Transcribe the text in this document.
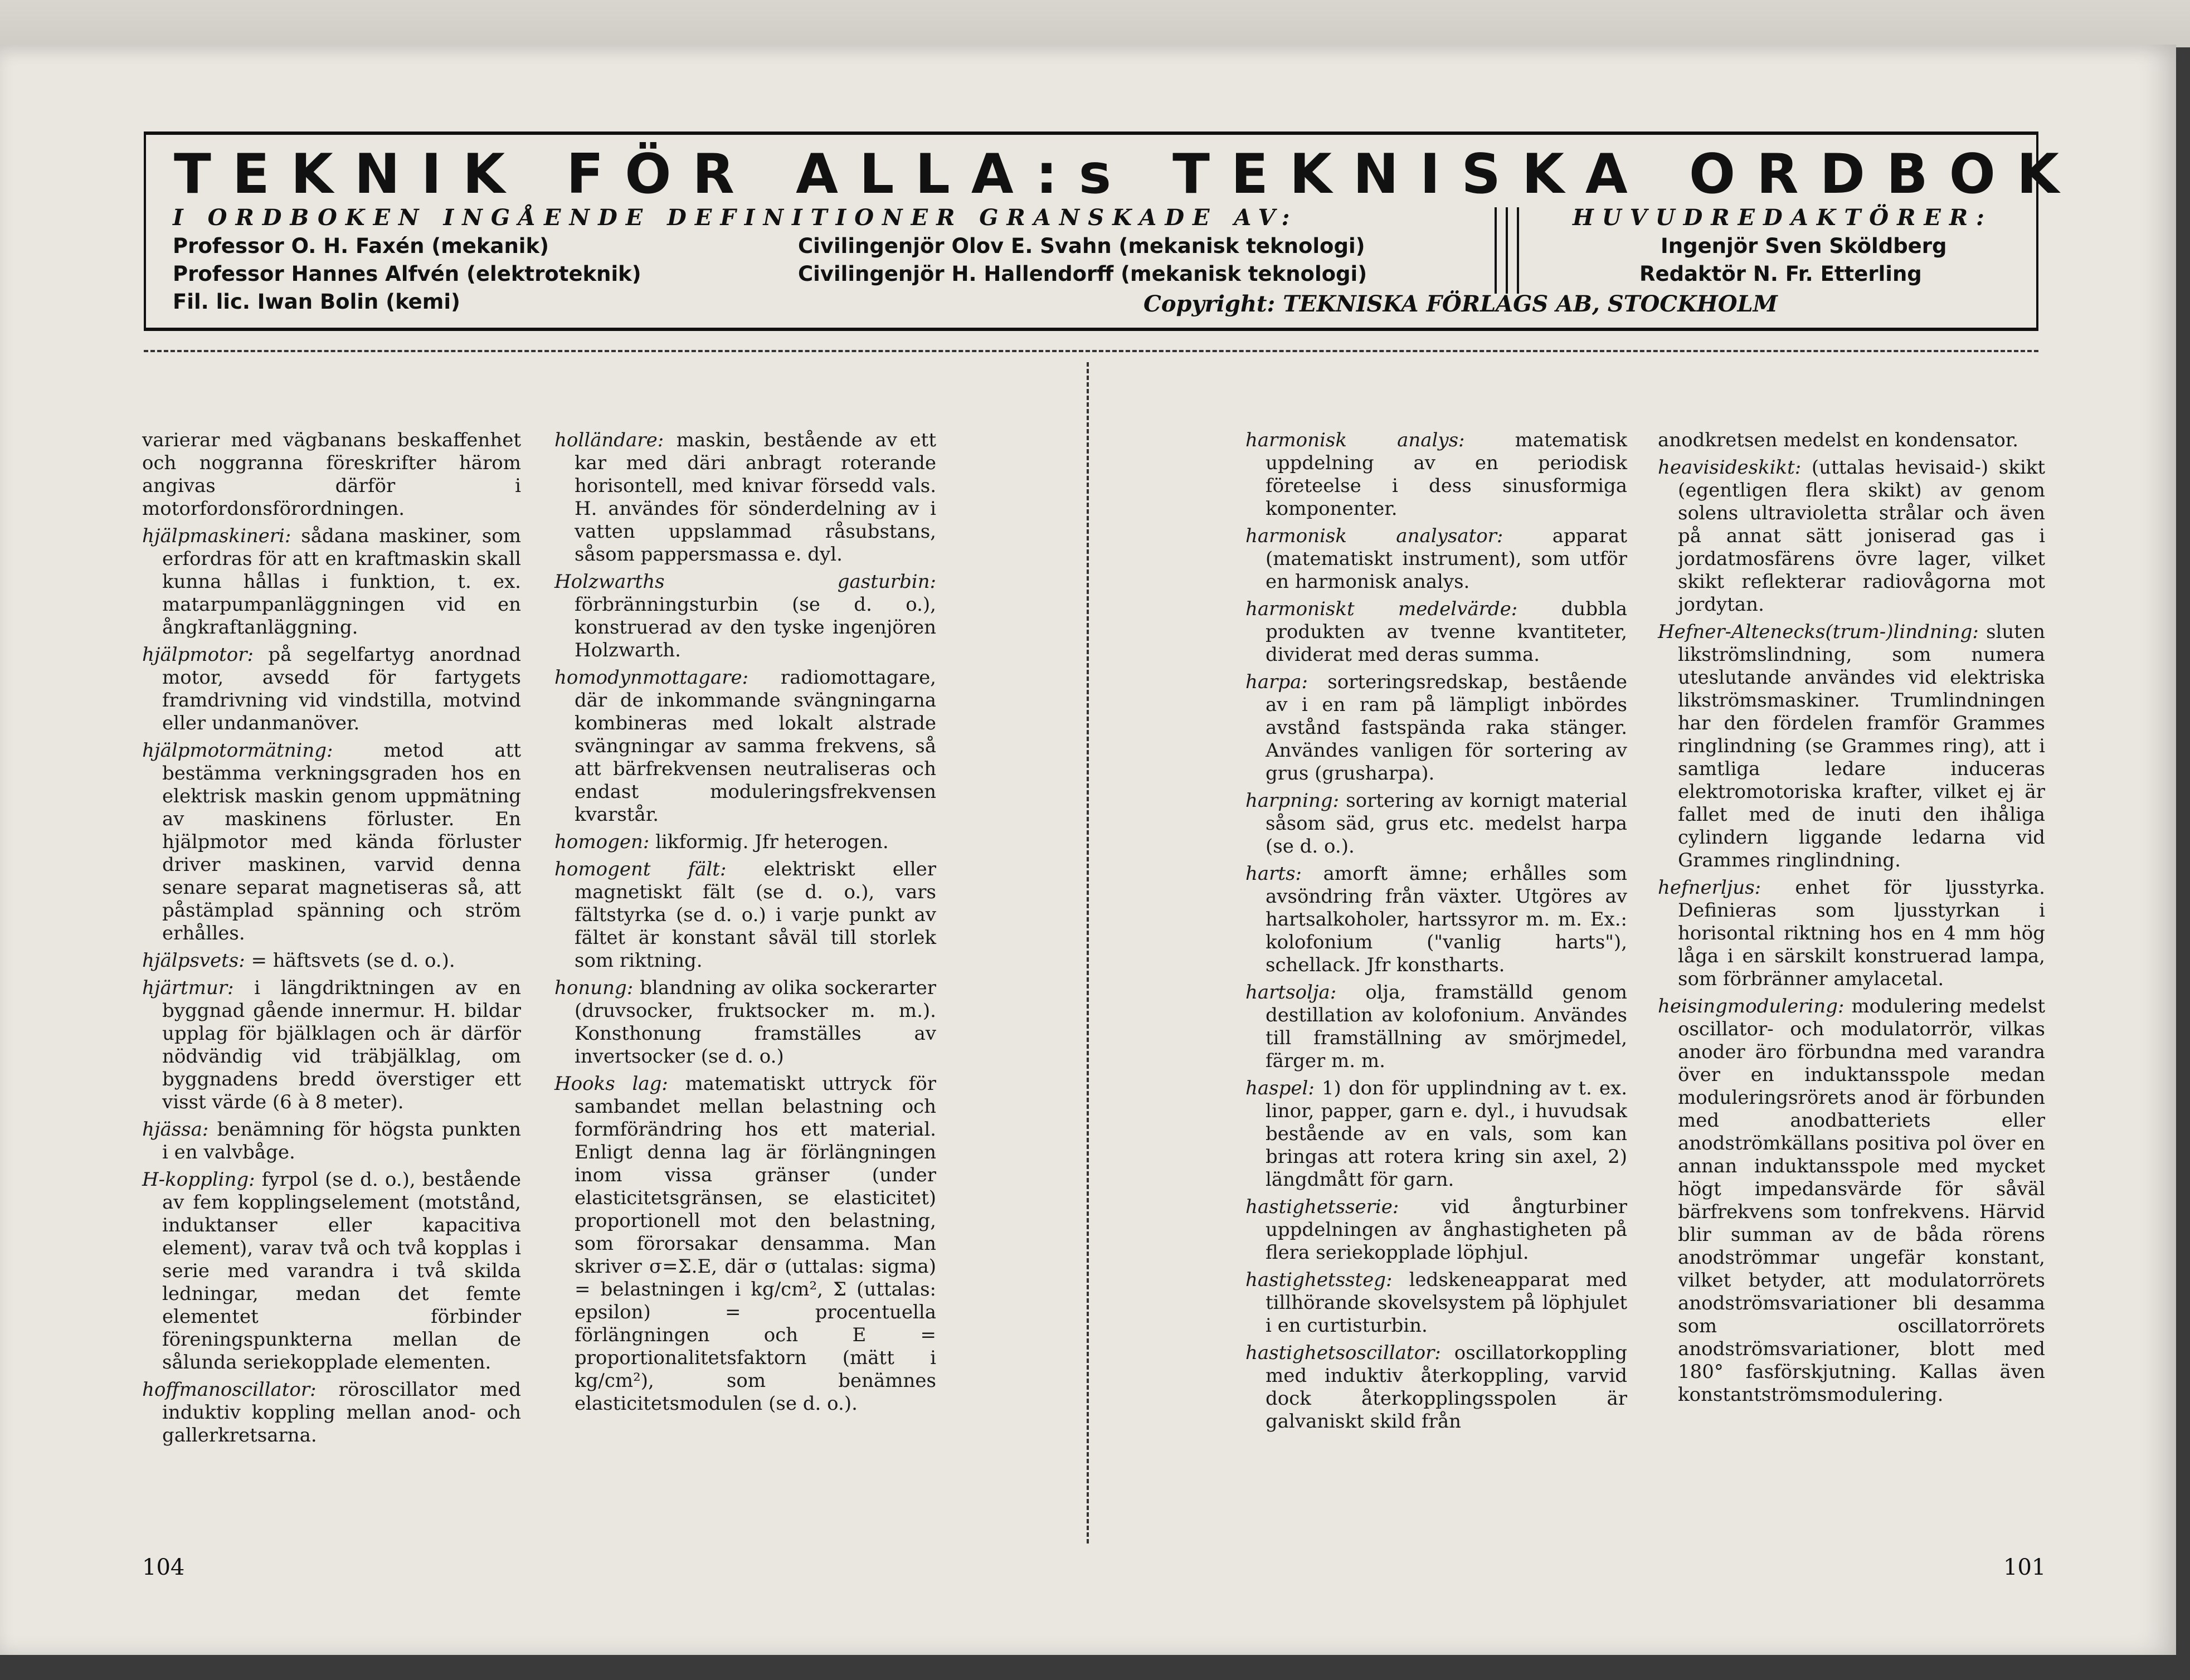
TEKNIK FÖR ALLA:s TEKNISKA ORDBOK
I ORDBOKEN INGÅENDE DEFINITIONER GRANSKADE AV:	HUVUDREDAKTÖRER:
Professor O. H. Faxén (mekanik)
Professor Hannes Alfvén (elektroteknik)
Fil. lic. Iwan Bolin (kemi)
Civilingenjör Olov E. Svahn (mekanisk teknologi)
Civilingenjör H. Hallendorff (mekanisk teknologi)
Ingenjör Sven Sköldberg
Redaktör N. Fr. Etterling
Copyright: TEKNISKA FÖRLAGS AB, STOCKHOLM

varierar med vägbanans beskaffenhet och noggranna föreskrifter härom angivas därför i motorfordonsförordningen.

hjälpmaskineri: sådana maskiner, som erfordras för att en kraftmaskin skall kunna hållas i funktion, t. ex. matarpumpanläggningen vid en ångkraftanläggning.

hjälpmotor: på segelfartyg anordnad motor, avsedd för fartygets framdrivning vid vindstilla, motvind eller undanmanöver.

hjälpmotormätning: metod att bestämma verkningsgraden hos en elektrisk maskin genom uppmätning av maskinens förluster. En hjälpmotor med kända förluster driver maskinen, varvid denna senare separat magnetiseras så, att påstämplad spänning och ström erhålles.

hjälpsvets: = häftsvets (se d. o.).

hjärtmur: i längdriktningen av en byggnad gående innermur. H. bildar upplag för bjälklagen och är därför nödvändig vid träbjälklag, om byggnadens bredd överstiger ett visst värde (6 à 8 meter).

hjässa: benämning för högsta punkten i en valvbåge.

H-koppling: fyrpol (se d. o.), bestående av fem kopplingselement (motstånd, induktanser eller kapacitiva element), varav två och två kopplas i serie med varandra i två skilda ledningar, medan det femte elementet förbinder föreningspunkterna mellan de sålunda seriekopplade elementen.

hoffmanoscillator: röroscillator med induktiv koppling mellan anod- och gallerkretsarna.

holländare: maskin, bestående av ett kar med däri anbragt roterande horisontell, med knivar försedd vals. H. användes för sönderdelning av i vatten uppslammad råsubstans, såsom pappersmassa e. dyl.

Holzwarths gasturbin: förbränningsturbin (se d. o.), konstruerad av den tyske ingenjören Holzwarth.

homodynmottagare: radiomottagare, där de inkommande svängningarna kombineras med lokalt alstrade svängningar av samma frekvens, så att bärfrekvensen neutraliseras och endast moduleringsfrekvensen kvarstår.

homogen: likformig. Jfr heterogen.

homogent fält: elektriskt eller magnetiskt fält (se d. o.), vars fältstyrka (se d. o.) i varje punkt av fältet är konstant såväl till storlek som riktning.

honung: blandning av olika sockerarter (druvsocker, fruktsocker m. m.). Konsthonung framställes av invertsocker (se d. o.)

Hooks lag: matematiskt uttryck för sambandet mellan belastning och formförändring hos ett material. Enligt denna lag är förlängningen inom vissa gränser (under elasticitetsgränsen, se elasticitet) proportionell mot den belastning, som förorsakar densamma. Man skriver σ=Σ.E, där σ (uttalas: sigma) = belastningen i kg/cm², Σ (uttalas: epsilon) = procentuella förlängningen och E = proportionalitetsfaktorn (mätt i kg/cm²), som benämnes elasticitetsmodulen (se d. o.).

harmonisk analys: matematisk uppdelning av en periodisk företeelse i dess sinusformiga komponenter.

harmonisk analysator: apparat (matematiskt instrument), som utför en harmonisk analys.

harmoniskt medelvärde: dubbla produkten av tvenne kvantiteter, dividerat med deras summa.

harpa: sorteringsredskap, bestående av i en ram på lämpligt inbördes avstånd fastspända raka stänger. Användes vanligen för sortering av grus (grusharpa).

harpning: sortering av kornigt material såsom säd, grus etc. medelst harpa (se d. o.).

harts: amorft ämne; erhålles som avsöndring från växter. Utgöres av hartsalkoholer, hartssyror m. m. Ex.: kolofonium ("vanlig harts"), schellack. Jfr konstharts.

hartsolja: olja, framställd genom destillation av kolofonium. Användes till framställning av smörjmedel, färger m. m.

haspel: 1) don för upplindning av t. ex. linor, papper, garn e. dyl., i huvudsak bestående av en vals, som kan bringas att rotera kring sin axel, 2) längdmått för garn.

hastighetsserie: vid ångturbiner uppdelningen av ånghastigheten på flera seriekopplade löphjul.

hastighetssteg: ledskeneapparat med tillhörande skovelsystem på löphjulet i en curtisturbin.

hastighetsoscillator: oscillatorkoppling med induktiv återkoppling, varvid dock återkopplingsspolen är galvaniskt skild från

anodkretsen medelst en kondensator.

heavisideskikt: (uttalas hevisaid-) skikt (egentligen flera skikt) av genom solens ultravioletta strålar och även på annat sätt joniserad gas i jordatmosfärens övre lager, vilket skikt reflekterar radiovågorna mot jordytan.

Hefner-Altenecks(trum-)lindning: sluten likströmslindning, som numera uteslutande användes vid elektriska likströmsmaskiner. Trumlindningen har den fördelen framför Grammes ringlindning (se Grammes ring), att i samtliga ledare induceras elektromotoriska krafter, vilket ej är fallet med de inuti den ihåliga cylindern liggande ledarna vid Grammes ringlindning.

hefnerljus: enhet för ljusstyrka. Definieras som ljusstyrkan i horisontal riktning hos en 4 mm hög låga i en särskilt konstruerad lampa, som förbränner amylacetal.

heisingmodulering: modulering medelst oscillator- och modulatorrör, vilkas anoder äro förbundna med varandra över en induktansspole medan moduleringsrörets anod är förbunden med anodbatteriets eller anodströmkällans positiva pol över en annan induktansspole med mycket högt impedansvärde för såväl bärfrekvens som tonfrekvens. Härvid blir summan av de båda rörens anodströmmar ungefär konstant, vilket betyder, att modulatorrörets anodströmsvariationer bli desamma som oscillatorrörets anodströmsvariationer, blott med 180° fasförskjutning. Kallas även konstantströmsmodulering.

104	101
